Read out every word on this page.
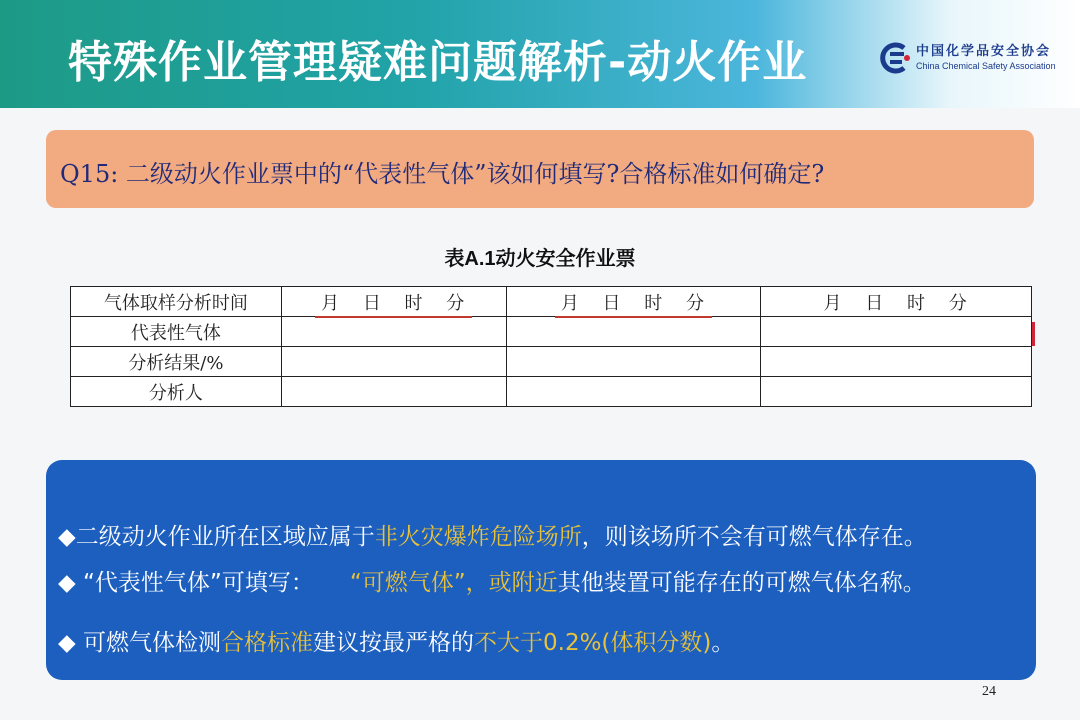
特殊作业管理疑难问题解析-动火作业	中国化学品安全协会
China Chemical Safety Association
Q15: 二级动火作业票中的“代表性气体”该如何填写?合格标准如何确定?
表A.1动火安全作业票
气体取样分析时间	月 日 时 分	月 日 时 分	月 日 时 分
代表性气体			
分析结果/%			
分析人			
◆二级动火作业所在区域应属于非火灾爆炸危险场所，则该场所不会有可燃气体存在。
◆ “代表性气体”可填写： “可燃气体”，或附近其他装置可能存在的可燃气体名称。
◆ 可燃气体检测合格标准建议按最严格的不大于0.2%(体积分数)。
24
